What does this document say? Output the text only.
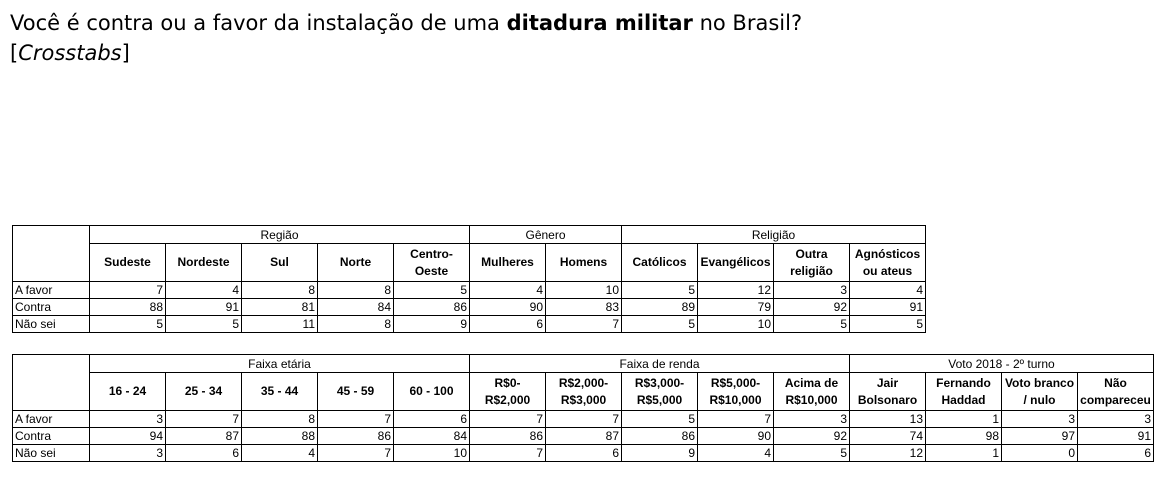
Você é contra ou a favor da instalação de uma ditadura militar no Brasil?
[Crosstabs]
	Região					Gênero		Religião			
	Sudeste	Nordeste	Sul	Norte	Centro-Oeste	Mulheres	Homens	Católicos	Evangélicos	Outra religião	Agnósticos ou ateus
A favor	7	4	8	8	5	4	10	5	12	3	4
Contra	88	91	81	84	86	90	83	89	79	92	91
Não sei	5	5	11	8	9	6	7	5	10	5	5
	Faixa etária					Faixa de renda					Voto 2018 - 2º turno			
	16 - 24	25 - 34	35 - 44	45 - 59	60 - 100	R$0-R$2,000	R$2,000-R$3,000	R$3,000-R$5,000	R$5,000-R$10,000	Acima de R$10,000	Jair Bolsonaro	Fernando Haddad	Voto branco / nulo	Não compareceu
A favor	3	7	8	7	6	7	7	5	7	3	13	1	3	3
Contra	94	87	88	86	84	86	87	86	90	92	74	98	97	91
Não sei	3	6	4	7	10	7	6	9	4	5	12	1	0	6
